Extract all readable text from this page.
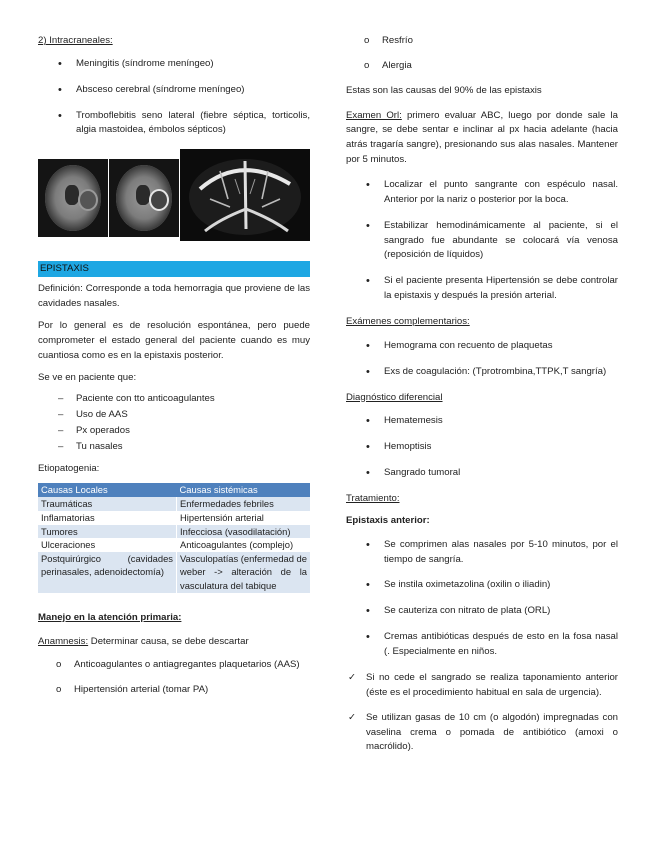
2) Intracraneales:

• Meningitis (síndrome meníngeo)
• Absceso cerebral (síndrome meníngeo)
• Tromboflebitis seno lateral (fiebre séptica, torticolis, algia mastoidea, émbolos sépticos)
EPISTAXIS

Definición: Corresponde a toda hemorragia que proviene de las cavidades nasales.

Por lo general es de resolución espontánea, pero puede comprometer el estado general del paciente cuando es muy cuantiosa como es en la epistaxis posterior.

Se ve en paciente que:

– Paciente con tto anticoagulantes
– Uso de AAS
– Px operados
– Tu nasales

Etiopatogenia:

Causas Locales	Causas sistémicas
Traumáticas	Enfermedades febriles
Inflamatorias	Hipertensión arterial
Tumores	Infecciosa (vasodilatación)
Ulceraciones	Anticoagulantes (complejo)
Postquirúrgico (cavidades perinasales, adenoidectomía)	Vasculopatías (enfermedad de weber -> alteración de la vasculatura del tabique

Manejo en la atención primaria:

Anamnesis: Determinar causa, se debe descartar

o Anticoagulantes o antiagregantes plaquetarios (AAS)
o Hipertensión arterial (tomar PA)
o Resfrío
o Alergia

Estas son las causas del 90% de las epistaxis

Examen Orl: primero evaluar ABC, luego por donde sale la sangre, se debe sentar e inclinar al px hacia adelante (hacia atrás tragaría sangre), presionando sus alas nasales. Mantener por 5 minutos.

• Localizar el punto sangrante con espéculo nasal. Anterior por la nariz o posterior por la boca.
• Estabilizar hemodinámicamente al paciente, si el sangrado fue abundante se colocará vía venosa (reposición de líquidos)
• Si el paciente presenta Hipertensión se debe controlar la epistaxis y después la presión arterial.

Exámenes complementarios:

• Hemograma con recuento de plaquetas
• Exs de coagulación: (Tprotrombina,TTPK,T sangría)

Diagnóstico diferencial

• Hematemesis
• Hemoptisis
• Sangrado tumoral

Tratamiento:

Epistaxis anterior:

• Se comprimen alas nasales por 5-10 minutos, por el tiempo de sangría.
• Se instila oximetazolina (oxilin o iliadin)
• Se cauteriza con nitrato de plata (ORL)
• Cremas antibióticas después de esto en la fosa nasal (. Especialmente en niños.
✓ Si no cede el sangrado se realiza taponamiento anterior (éste es el procedimiento habitual en sala de urgencia).
✓ Se utilizan gasas de 10 cm (o algodón) impregnadas con vaselina crema o pomada de antibiótico (amoxi o macrólido).
